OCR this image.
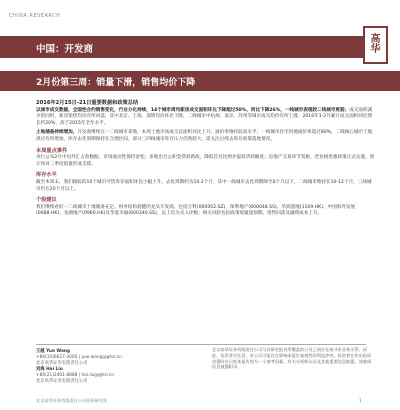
CHINA RESEARCH
中国：开发商
高
华
2月份第三周：销量下滑，销售均价下降
2016年2月15日-21日重要数据和政策总结

以城市成交数据，全国性合约销售变化，行业分化持续，14个城市周均新房成交面积环比下降超过50%，同比下降26%，一线城市表现较二线城市更弱；成交面积减少的同时，新房销售均价有所回落，其中北京、上海、深圳均价环比下降，二线城市中杭州、南京、苏州等城市成交均价有所上涨；2016年1-2月累计成交面积同比增长约20%，高于2015年全年水平。

土地储备持续增加，开发商继续在一二线城市拿地，本周土地市场成交总面积环比上升，溢价率维持较高水平；一线城市住宅用地溢价率超过80%，二线核心城市土地供应有所增加，库存去化周期保持在合理区间，部分三四线城市库存压力仍然较大，需关注后续去库存政策落地情况。

本周重点事件

央行公布2月中旬外汇占款数据，市场流动性保持宽松；多地出台公积金贷款新政，降低首付比例并提高贷款额度；房地产交易环节契税、营业税优惠政策正式实施，预计将对二季度销量形成支撑。

库存水平

截至本周末，我们跟踪的10个城市可售库存面积环比小幅上升，去化周期约为10.2个月；其中一线城市去化周期降至6个月以下，二线城市维持在10-12个月，三线城市仍在20个月以上。

个股建议

我们继续看好一二线城市土地储备充足、财务结构稳健的龙头开发商，包括万科(000002.SZ)、保利地产(600048.SS)、华润置地(1109.HK)、中国海外发展(0688.HK)、龙湖地产(0960.HK)及华夏幸福(600340.SS)，以上均为买入评级；相关风险包括政策收紧超预期、销售回落及融资成本上升。

王越 Yue Wang
+86(10)6627-3000 | yue.wang@ghsl.cn
北京高华证券有限责任公司
刘海 Hai Liu
+86(21)2401-8888 | hai.liu@ghsl.cn
北京高华证券有限责任公司
北京高华证券有限责任公司与其研究报告所覆盖的公司之间存在或寻求业务关系。因此，投资者应注意，本公司可能存在影响本报告客观性的利益冲突。投资者在作出投资决策时应只把本报告视为一个参考因素。有关分析师认证及其他重要信息披露，请参阅信息披露附录。
北京高华证券有限责任公司投资研究部	1
